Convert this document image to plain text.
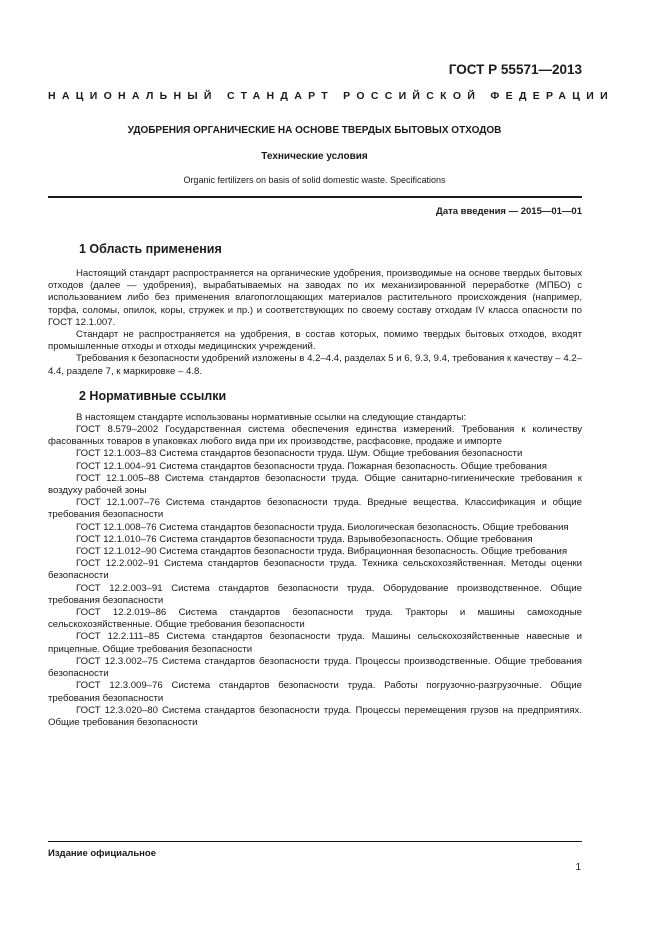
ГОСТ Р 55571—2013
НАЦИОНАЛЬНЫЙ СТАНДАРТ РОССИЙСКОЙ ФЕДЕРАЦИИ
УДОБРЕНИЯ ОРГАНИЧЕСКИЕ НА ОСНОВЕ ТВЕРДЫХ БЫТОВЫХ ОТХОДОВ
Технические условия
Organic fertilizers on basis of solid domestic waste. Specifications
Дата введения — 2015—01—01
1 Область применения

Настоящий стандарт распространяется на органические удобрения, производимые на основе твердых бытовых отходов (далее — удобрения), вырабатываемых на заводах по их механизированной переработке (МПБО) с использованием либо без применения влагопоглощающих материалов растительного происхождения (например, торфа, соломы, опилок, коры, стружек и пр.) и соответствующих по своему составу отходам IV класса опасности по ГОСТ 12.1.007.

Стандарт не распространяется на удобрения, в состав которых, помимо твердых бытовых отходов, входят промышленные отходы и отходы медицинских учреждений.

Требования к безопасности удобрений изложены в 4.2–4.4, разделах 5 и 6, 9.3, 9.4, требования к качеству – 4.2–4.4, разделе 7, к маркировке – 4.8.

2 Нормативные ссылки

В настоящем стандарте использованы нормативные ссылки на следующие стандарты:

ГОСТ 8.579–2002 Государственная система обеспечения единства измерений. Требования к количеству фасованных товаров в упаковках любого вида при их производстве, расфасовке, продаже и импорте

ГОСТ 12.1.003–83 Система стандартов безопасности труда. Шум. Общие требования безопасности

ГОСТ 12.1.004–91 Система стандартов безопасности труда. Пожарная безопасность. Общие требования

ГОСТ 12.1.005–88 Система стандартов безопасности труда. Общие санитарно-гигиенические требования к воздуху рабочей зоны

ГОСТ 12.1.007–76 Система стандартов безопасности труда. Вредные вещества. Классификация и общие требования безопасности

ГОСТ 12.1.008–76 Система стандартов безопасности труда. Биологическая безопасность. Общие требования

ГОСТ 12.1.010–76 Система стандартов безопасности труда. Взрывобезопасность. Общие требования

ГОСТ 12.1.012–90 Система стандартов безопасности труда. Вибрационная безопасность. Общие требования

ГОСТ 12.2.002–91 Система стандартов безопасности труда. Техника сельскохозяйственная. Методы оценки безопасности

ГОСТ 12.2.003–91 Система стандартов безопасности труда. Оборудование производственное. Общие требования безопасности

ГОСТ 12.2.019–86 Система стандартов безопасности труда. Тракторы и машины самоходные сельскохозяйственные. Общие требования безопасности

ГОСТ 12.2.111–85 Система стандартов безопасности труда. Машины сельскохозяйственные навесные и прицепные. Общие требования безопасности

ГОСТ 12.3.002–75 Система стандартов безопасности труда. Процессы производственные. Общие требования безопасности

ГОСТ 12.3.009–76 Система стандартов безопасности труда. Работы погрузочно-разгрузочные. Общие требования безопасности

ГОСТ 12.3.020–80 Система стандартов безопасности труда. Процессы перемещения грузов на предприятиях. Общие требования безопасности

Издание официальное
1
